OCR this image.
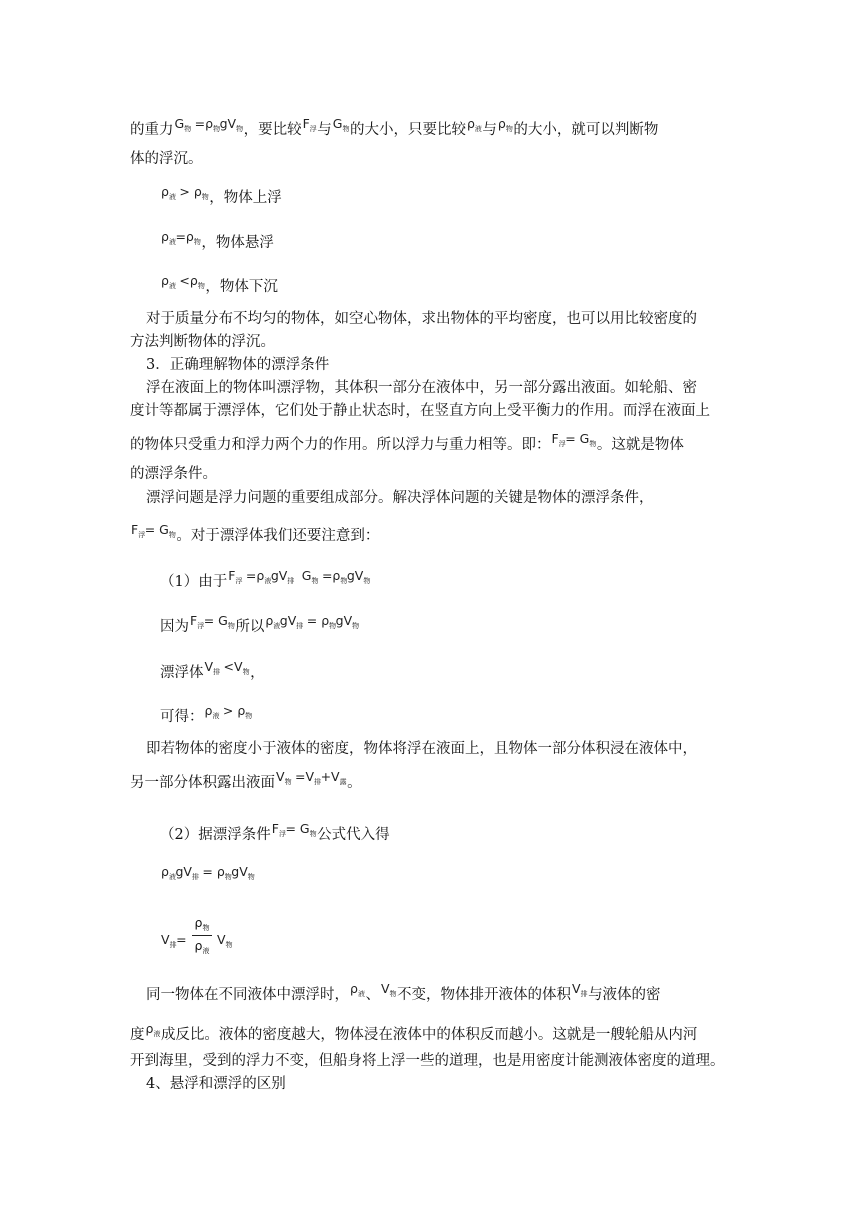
的重力$G_物 =\rho_物gV_物$，要比较$F_浮$与$G_物$的大小，只要比较$\rho_液$与$\rho_物$的大小，就可以判断物
体的浮沉。
$\rho_液 > \rho_物$，物体上浮
$\rho_液=\rho_物$，物体悬浮
$\rho_液 <\rho_物$，物体下沉
对于质量分布不均匀的物体，如空心物体，求出物体的平均密度，也可以用比较密度的
方法判断物体的浮沉。
3．正确理解物体的漂浮条件
浮在液面上的物体叫漂浮物，其体积一部分在液体中，另一部分露出液面。如轮船、密
度计等都属于漂浮体，它们处于静止状态时，在竖直方向上受平衡力的作用。而浮在液面上
的物体只受重力和浮力两个力的作用。所以浮力与重力相等。即：$F_浮= G_物$。这就是物体
的漂浮条件。
漂浮问题是浮力问题的重要组成部分。解决浮体问题的关键是物体的漂浮条件，
$F_浮= G_物$。对于漂浮体我们还要注意到：
（1）由于$F_浮 =\rho_液gV_排$  $G_物 =\rho_物gV_物$
因为$F_浮= G_物$所以$\rho_液gV_排 = \rho_物gV_物$
漂浮体$V_排 <V_物$，
可得：$\rho_液 > \rho_物$
即若物体的密度小于液体的密度，物体将浮在液面上，且物体一部分体积浸在液体中，
另一部分体积露出液面$V_物 =V_排+V_露$。
（2）据漂浮条件$F_浮= G_物$公式代入得
$\rho_液gV_排 = \rho_物gV_物$
$V_排= \frac{\rho_物}{\rho_液} V_物$
同一物体在不同液体中漂浮时，$\rho_液$、$V_物$不变，物体排开液体的体积$V_排$与液体的密
度$\rho_液$成反比。液体的密度越大，物体浸在液体中的体积反而越小。这就是一艘轮船从内河
开到海里，受到的浮力不变，但船身将上浮一些的道理，也是用密度计能测液体密度的道理。
4、悬浮和漂浮的区别
